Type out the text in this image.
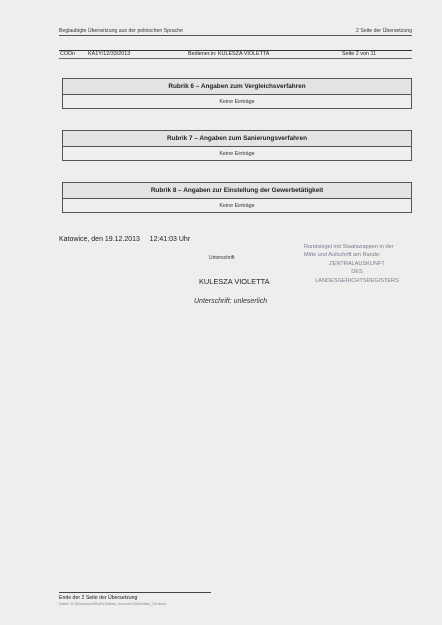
Beglaubigte Übersetzung aus der polnischen Sprache	2 Seite der Übersetzung
CODn KA1Y/12/33/2013	Bediener.in: KULESZA VIOLETTA	Seite 2 von 11
Rubrik 6 – Angaben zum Vergleichsverfahren
Keine Einträge
Rubrik 7 – Angaben zum Sanierungsverfahren
Keine Einträge
Rubrik 8 – Angaben zur Einstellung der Gewerbetätigkeit
Keine Einträge
Katowice, den 19.12.2013     12:41:03 Uhr
Unterschrift
KULESZA VIOLETTA
Unterschrift: unleserlich
Rundsiegel mit Staatswappen in der
Mitte und Aufschrift am Rande:
ZENTRALAUSKUNFT
DES
LANDESGERICHTSREGISTERS
Ende der 2 Seite der Übersetzung
Datei: D:\DoUmumt\SoFtrUftbes_ecco\mVN\Aindes_04.docx
